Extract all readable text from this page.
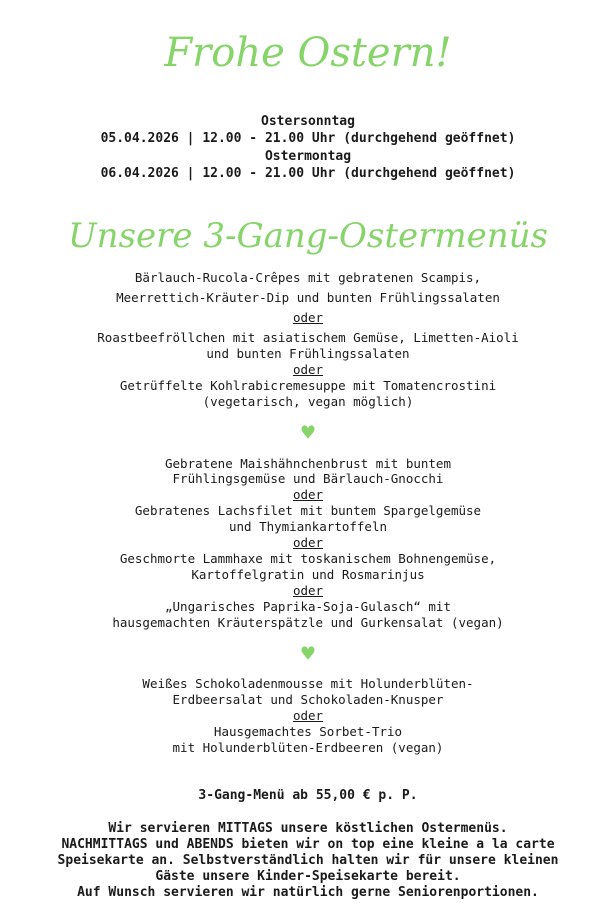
Frohe Ostern!
Ostersonntag
05.04.2026 | 12.00 - 21.00 Uhr (durchgehend geöffnet)
Ostermontag
06.04.2026 | 12.00 - 21.00 Uhr (durchgehend geöffnet)
Unsere 3-Gang-Ostermenüs
Bärlauch-Rucola-Crêpes mit gebratenen Scampis,
Meerrettich-Kräuter-Dip und bunten Frühlingssalaten
oder
Roastbeefröllchen mit asiatischem Gemüse, Limetten-Aioli
und bunten Frühlingssalaten
oder
Getrüffelte Kohlrabicremesuppe mit Tomatencrostini
(vegetarisch, vegan möglich)
♥
Gebratene Maishähnchenbrust mit buntem
Frühlingsgemüse und Bärlauch-Gnocchi
oder
Gebratenes Lachsfilet mit buntem Spargelgemüse
und Thymiankartoffeln
oder
Geschmorte Lammhaxe mit toskanischem Bohnengemüse,
Kartoffelgratin und Rosmarinjus
oder
„Ungarisches Paprika-Soja-Gulasch“ mit
hausgemachten Kräuterspätzle und Gurkensalat (vegan)
♥
Weißes Schokoladenmousse mit Holunderblüten-
Erdbeersalat und Schokoladen-Knusper
oder
Hausgemachtes Sorbet-Trio
mit Holunderblüten-Erdbeeren (vegan)
3-Gang-Menü ab 55,00 € p. P.
Wir servieren MITTAGS unsere köstlichen Ostermenüs.
NACHMITTAGS und ABENDS bieten wir on top eine kleine a la carte
Speisekarte an. Selbstverständlich halten wir für unsere kleinen
Gäste unsere Kinder-Speisekarte bereit.
Auf Wunsch servieren wir natürlich gerne Seniorenportionen.
